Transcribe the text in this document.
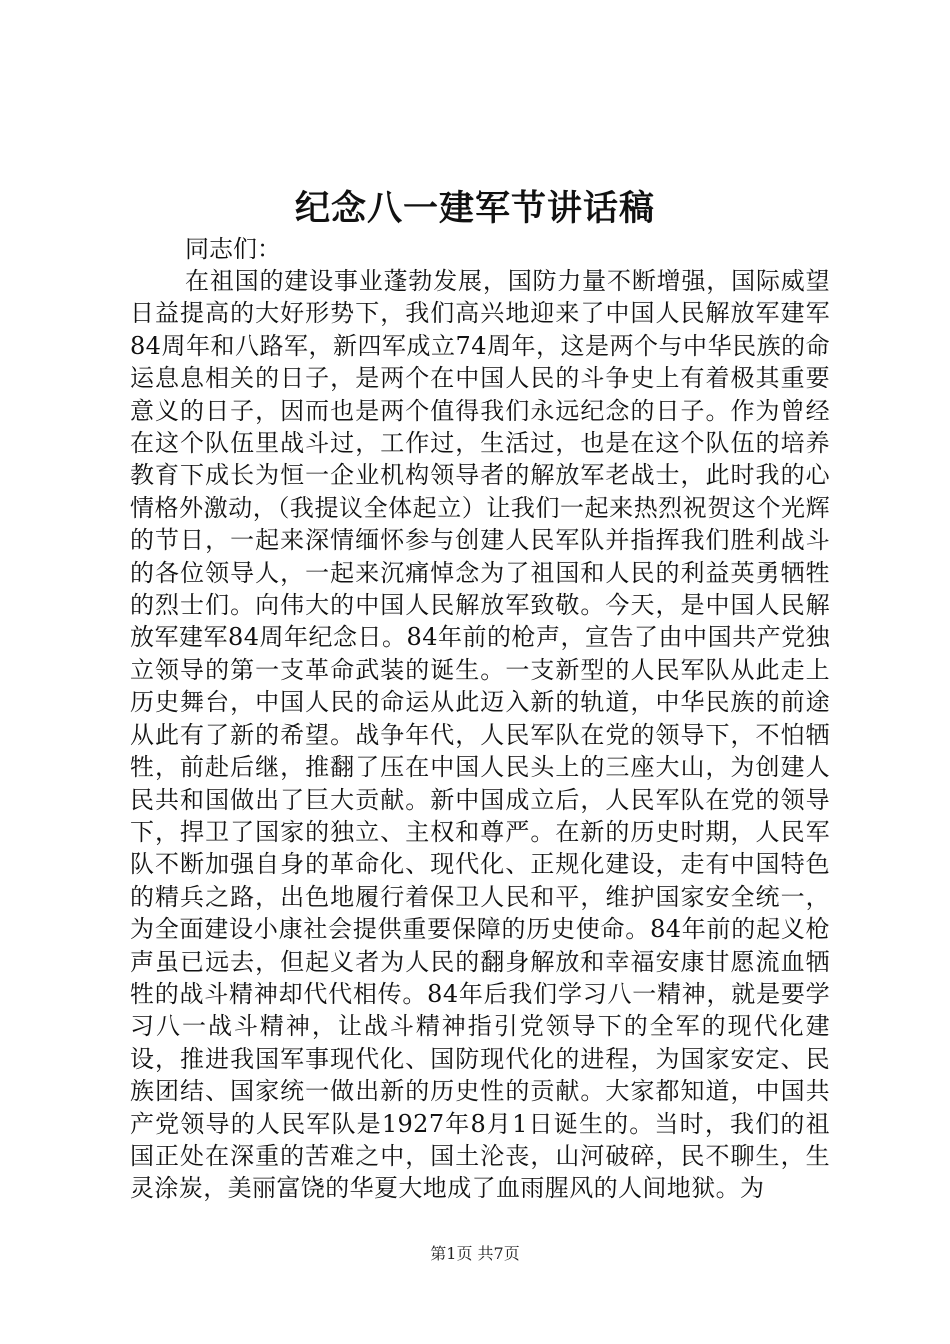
纪念八一建军节讲话稿

同志们：

在祖国的建设事业蓬勃发展，国防力量不断增强，国际威望日益提高的大好形势下，我们高兴地迎来了中国人民解放军建军84周年和八路军，新四军成立74周年，这是两个与中华民族的命运息息相关的日子，是两个在中国人民的斗争史上有着极其重要意义的日子，因而也是两个值得我们永远纪念的日子。作为曾经在这个队伍里战斗过，工作过，生活过，也是在这个队伍的培养教育下成长为恒一企业机构领导者的解放军老战士，此时我的心情格外激动，（我提议全体起立）让我们一起来热烈祝贺这个光辉的节日，一起来深情缅怀参与创建人民军队并指挥我们胜利战斗的各位领导人，一起来沉痛悼念为了祖国和人民的利益英勇牺牲的烈士们。向伟大的中国人民解放军致敬。今天，是中国人民解放军建军84周年纪念日。84年前的枪声，宣告了由中国共产党独立领导的第一支革命武装的诞生。一支新型的人民军队从此走上历史舞台，中国人民的命运从此迈入新的轨道，中华民族的前途从此有了新的希望。战争年代，人民军队在党的领导下，不怕牺牲，前赴后继，推翻了压在中国人民头上的三座大山，为创建人民共和国做出了巨大贡献。新中国成立后，人民军队在党的领导下，捍卫了国家的独立、主权和尊严。在新的历史时期，人民军队不断加强自身的革命化、现代化、正规化建设，走有中国特色的精兵之路，出色地履行着保卫人民和平，维护国家安全统一，为全面建设小康社会提供重要保障的历史使命。84年前的起义枪声虽已远去，但起义者为人民的翻身解放和幸福安康甘愿流血牺牲的战斗精神却代代相传。84年后我们学习八一精神，就是要学习八一战斗精神，让战斗精神指引党领导下的全军的现代化建设，推进我国军事现代化、国防现代化的进程，为国家安定、民族团结、国家统一做出新的历史性的贡献。大家都知道，中国共产党领导的人民军队是1927年8月1日诞生的。当时，我们的祖国正处在深重的苦难之中，国土沦丧，山河破碎，民不聊生，生灵涂炭，美丽富饶的华夏大地成了血雨腥风的人间地狱。为

第1页 共7页
